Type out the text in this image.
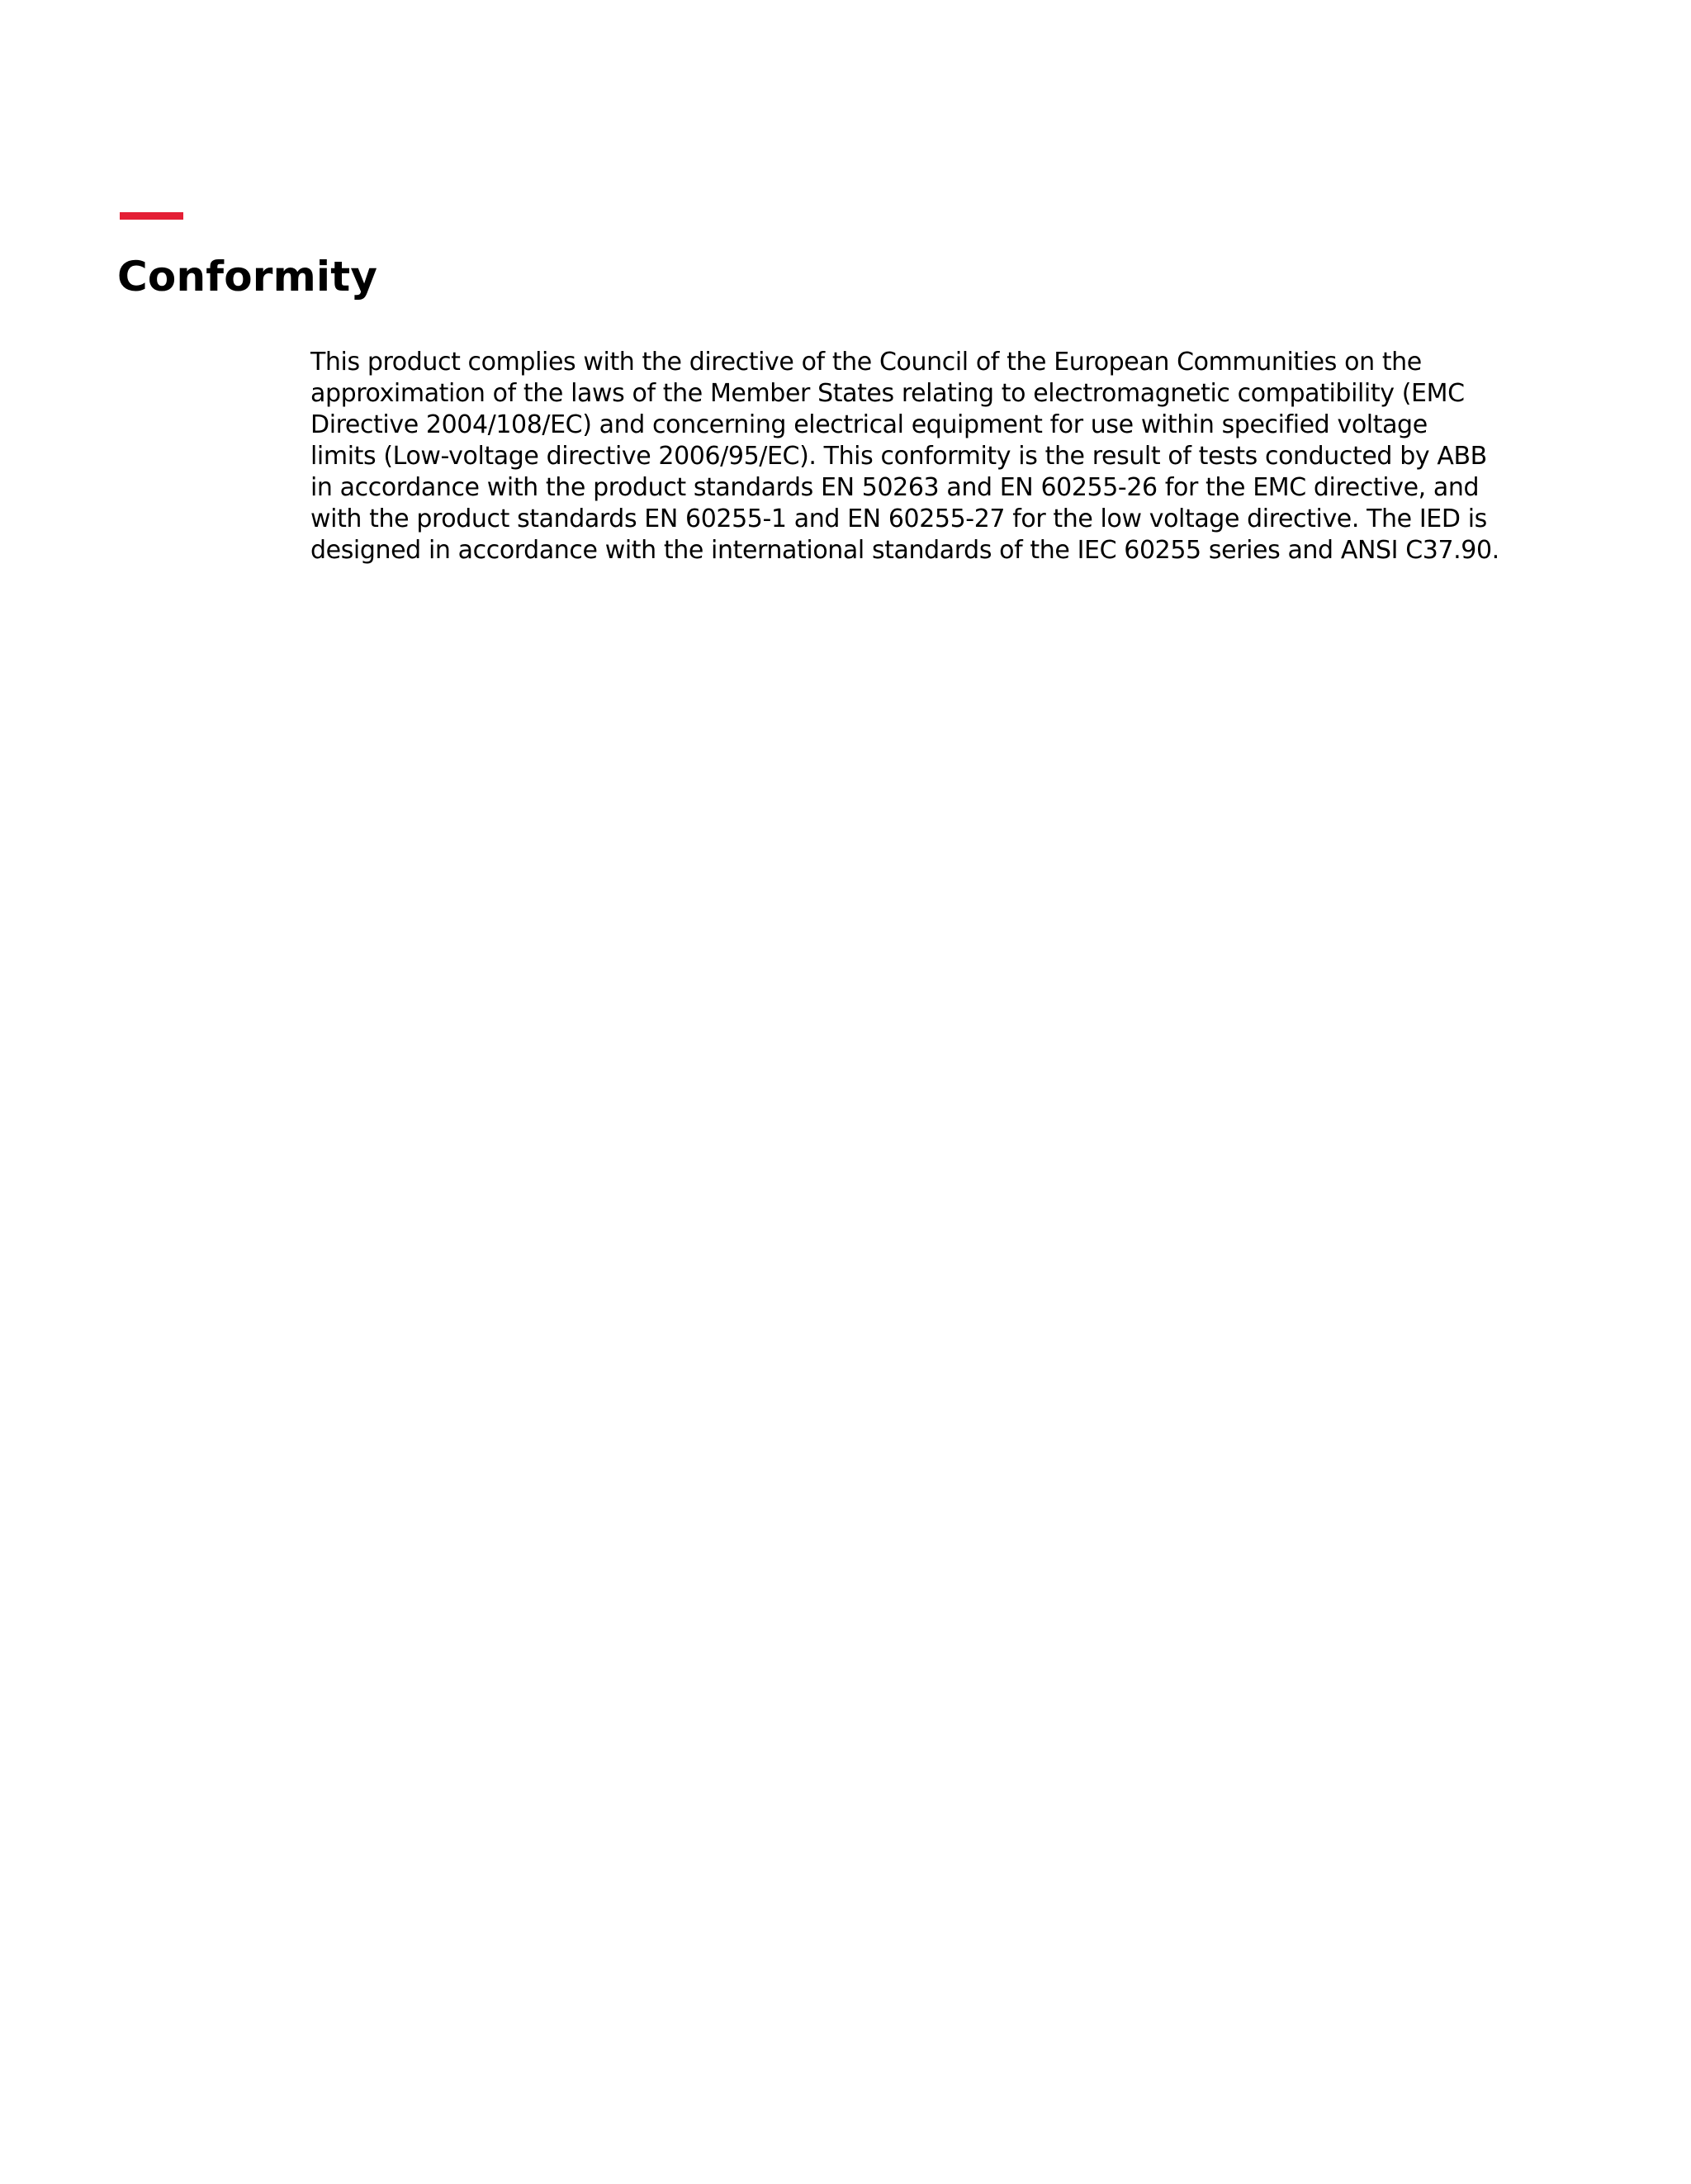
Conformity

This product complies with the directive of the Council of the European Communities on the
approximation of the laws of the Member States relating to electromagnetic compatibility (EMC
Directive 2004/108/EC) and concerning electrical equipment for use within specified voltage
limits (Low-voltage directive 2006/95/EC). This conformity is the result of tests conducted by ABB
in accordance with the product standards EN 50263 and EN 60255-26 for the EMC directive, and
with the product standards EN 60255-1 and EN 60255-27 for the low voltage directive. The IED is
designed in accordance with the international standards of the IEC 60255 series and ANSI C37.90.
